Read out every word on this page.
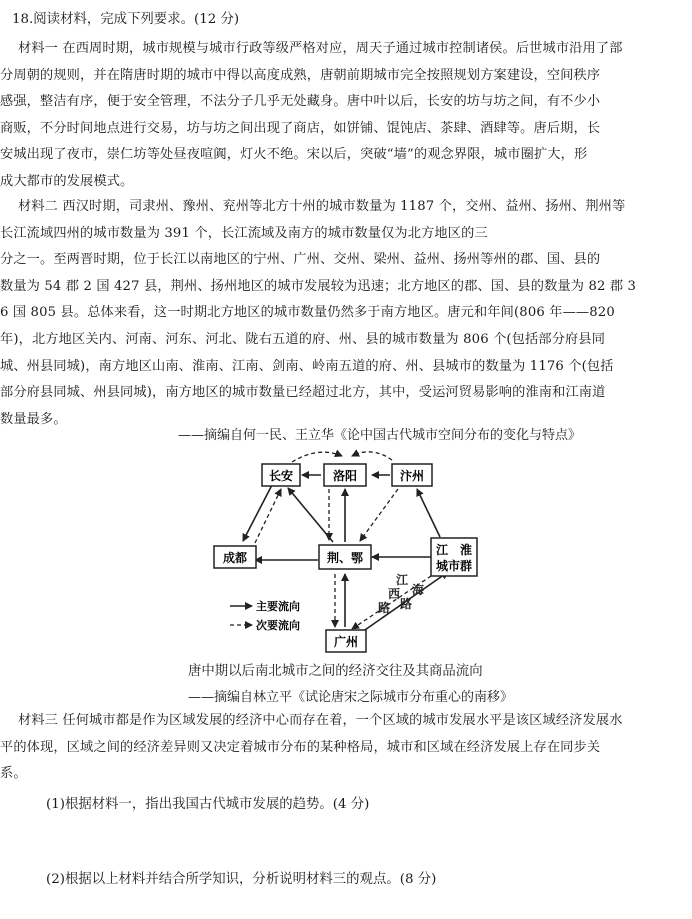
18.阅读材料，完成下列要求。(12 分)
材料一 在西周时期，城市规模与城市行政等级严格对应，周天子通过城市控制诸侯。后世城市沿用了部
分周朝的规则，并在隋唐时期的城市中得以高度成熟，唐朝前期城市完全按照规划方案建设，空间秩序
感强，整洁有序，便于安全管理，不法分子几乎无处藏身。唐中叶以后，长安的坊与坊之间，有不少小
商贩，不分时间地点进行交易，坊与坊之间出现了商店，如饼铺、馄饨店、茶肆、酒肆等。唐后期，长
安城出现了夜市，崇仁坊等处昼夜喧阗，灯火不绝。宋以后，突破“墙”的观念界限，城市圈扩大，形
成大都市的发展模式。
材料二 西汉时期，司隶州、豫州、兖州等北方十州的城市数量为 1187 个，交州、益州、扬州、荆州等
长江流域四州的城市数量为 391 个，长江流域及南方的城市数量仅为北方地区的三
分之一。至两晋时期，位于长江以南地区的宁州、广州、交州、梁州、益州、扬州等州的郡、国、县的
数量为 54 郡 2 国 427 县，荆州、扬州地区的城市发展较为迅速；北方地区的郡、国、县的数量为 82 郡 3
6 国 805 县。总体来看，这一时期北方地区的城市数量仍然多于南方地区。唐元和年间(806 年——820
年)，北方地区关内、河南、河东、河北、陇右五道的府、州、县的城市数量为 806 个(包括部分府县同
城、州县同城)，南方地区山南、淮南、江南、剑南、岭南五道的府、州、县城市的数量为 1176 个(包括
部分府县同城、州县同城)，南方地区的城市数量已经超过北方，其中，受运河贸易影响的淮南和江南道
数量最多。
——摘编自何一民、王立华《论中国古代城市空间分布的变化与特点》
长安	洛阳	汴州
成都	荆、鄂
江　淮
城市群
广州
江
西
路
海
路
主要流向
次要流向
唐中期以后南北城市之间的经济交往及其商品流向
——摘编自林立平《试论唐宋之际城市分布重心的南移》
材料三 任何城市都是作为区域发展的经济中心而存在着，一个区域的城市发展水平是该区域经济发展水
平的体现，区域之间的经济差异则又决定着城市分布的某种格局，城市和区域在经济发展上存在同步关
系。
(1)根据材料一，指出我国古代城市发展的趋势。(4 分)
(2)根据以上材料并结合所学知识，分析说明材料三的观点。(8 分)
